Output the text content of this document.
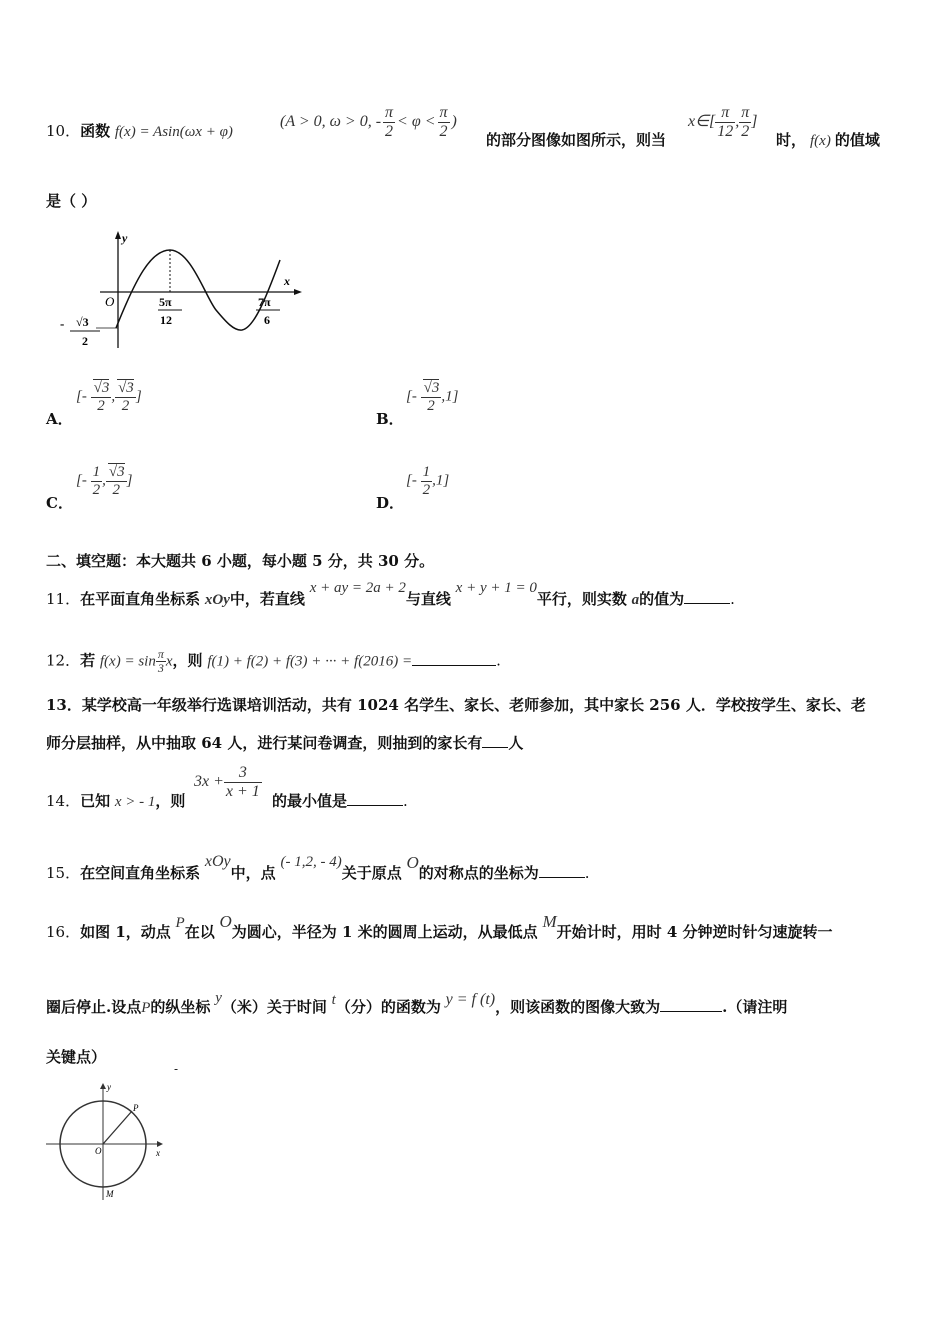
10．函数 f(x) = Asin(ωx + φ)
(A > 0, ω > 0, - $\frac{\pi}{2} < \varphi < \frac{\pi}{2}$ )
的部分图像如图所示，则当
x∈[ $\frac{\pi}{12}$ , $\frac{\pi}{2}$ ]
时， f(x) 的值域
是（ ）
y
x
O	5π
12
7π
6
- √3
2
A．
[- $\frac{√3}{2}$ , $\frac{√3}{2}$ ]
B．
[- $\frac{√3}{2} ,1$]
C．
[- $\frac{1}{2}$ , $\frac{√3}{2}$ ]
D．
[- $\frac{1}{2} ,1$]
二、填空题：本大题共 6 小题，每小题 5 分，共 30 分。
11．在平面直角坐标系 xOy中，若直线 x + ay = 2a + 2与直线 x + y + 1 = 0平行，则实数 a的值为	.
12．若 $f(x) = \sin \frac{\pi}{3}$ x，则 f(1) + f(2) + f(3) + ··· + f(2016) =	.
13．某学校高一年级举行选课培训活动，共有 1024 名学生、家长、老师参加，其中家长 256 人．学校按学生、家长、老
师分层抽样，从中抽取 64 人，进行某问卷调查，则抽到的家长有 人
14．已知 x > - 1，则
$3x + \frac{3}{x + 1}$
的最小值是	.
15．在空间直角坐标系 xOy中，点 (- 1,2, - 4)关于原点 O的对称点的坐标为	.
16．如图 1，动点 P在以 O为圆心，半径为 1 米的圆周上运动，从最低点 M开始计时，用时 4 分钟逆时针匀速旋转一
圈后停止.设点P的纵坐标 y（米）关于时间 t（分）的函数为 y = f (t)，则该函数的图像大致为	.（请注明
关键点）
-
y
x
O
P
M
